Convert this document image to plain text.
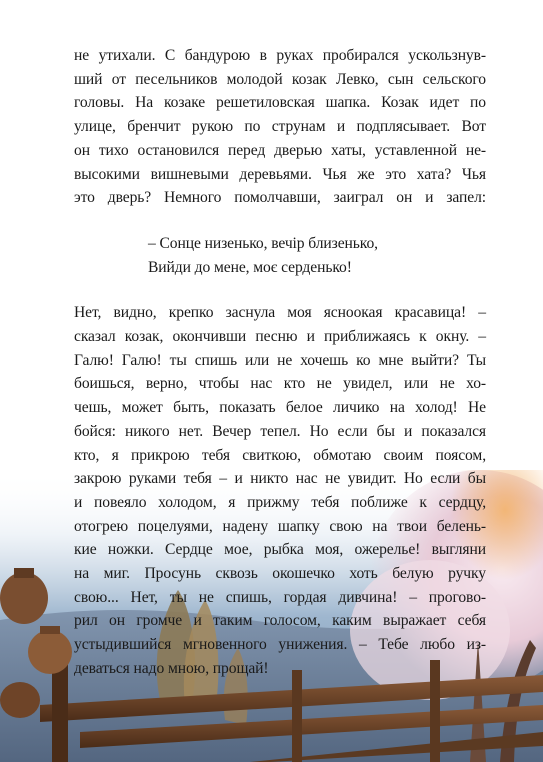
не утихали. С бандурою в руках пробирался ускользнув-
ший от песельников молодой козак Левко, сын сельского
головы. На козаке решетиловская шапка. Козак идет по
улице, бренчит рукою по струнам и подплясывает. Вот
он тихо остановился перед дверью хаты, уставленной не-
высокими вишневыми деревьями. Чья же это хата? Чья
это дверь? Немного помолчавши, заиграл он и запел:
– Сонце низенько, вечір близенько,
Вийди до мене, моє серденько!
Нет, видно, крепко заснула моя ясноокая красавица! –
сказал козак, окончивши песню и приближаясь к окну. –
Галю! Галю! ты спишь или не хочешь ко мне выйти? Ты
боишься, верно, чтобы нас кто не увидел, или не хо-
чешь, может быть, показать белое личико на холод! Не
бойся: никого нет. Вечер тепел. Но если бы и показался
кто, я прикрою тебя свиткою, обмотаю своим поясом,
закрою руками тебя – и никто нас не увидит. Но если бы
и повеяло холодом, я прижму тебя поближе к сердцу,
отогрею поцелуями, надену шапку свою на твои белень-
кие ножки. Сердце мое, рыбка моя, ожерелье! выгляни
на миг. Просунь сквозь окошечко хоть белую ручку
свою... Нет, ты не спишь, гордая дивчина! – прогово-
рил он громче и таким голосом, каким выражает себя
устыдившийся мгновенного унижения. – Тебе любо из-
деваться надо мною, прощай!
